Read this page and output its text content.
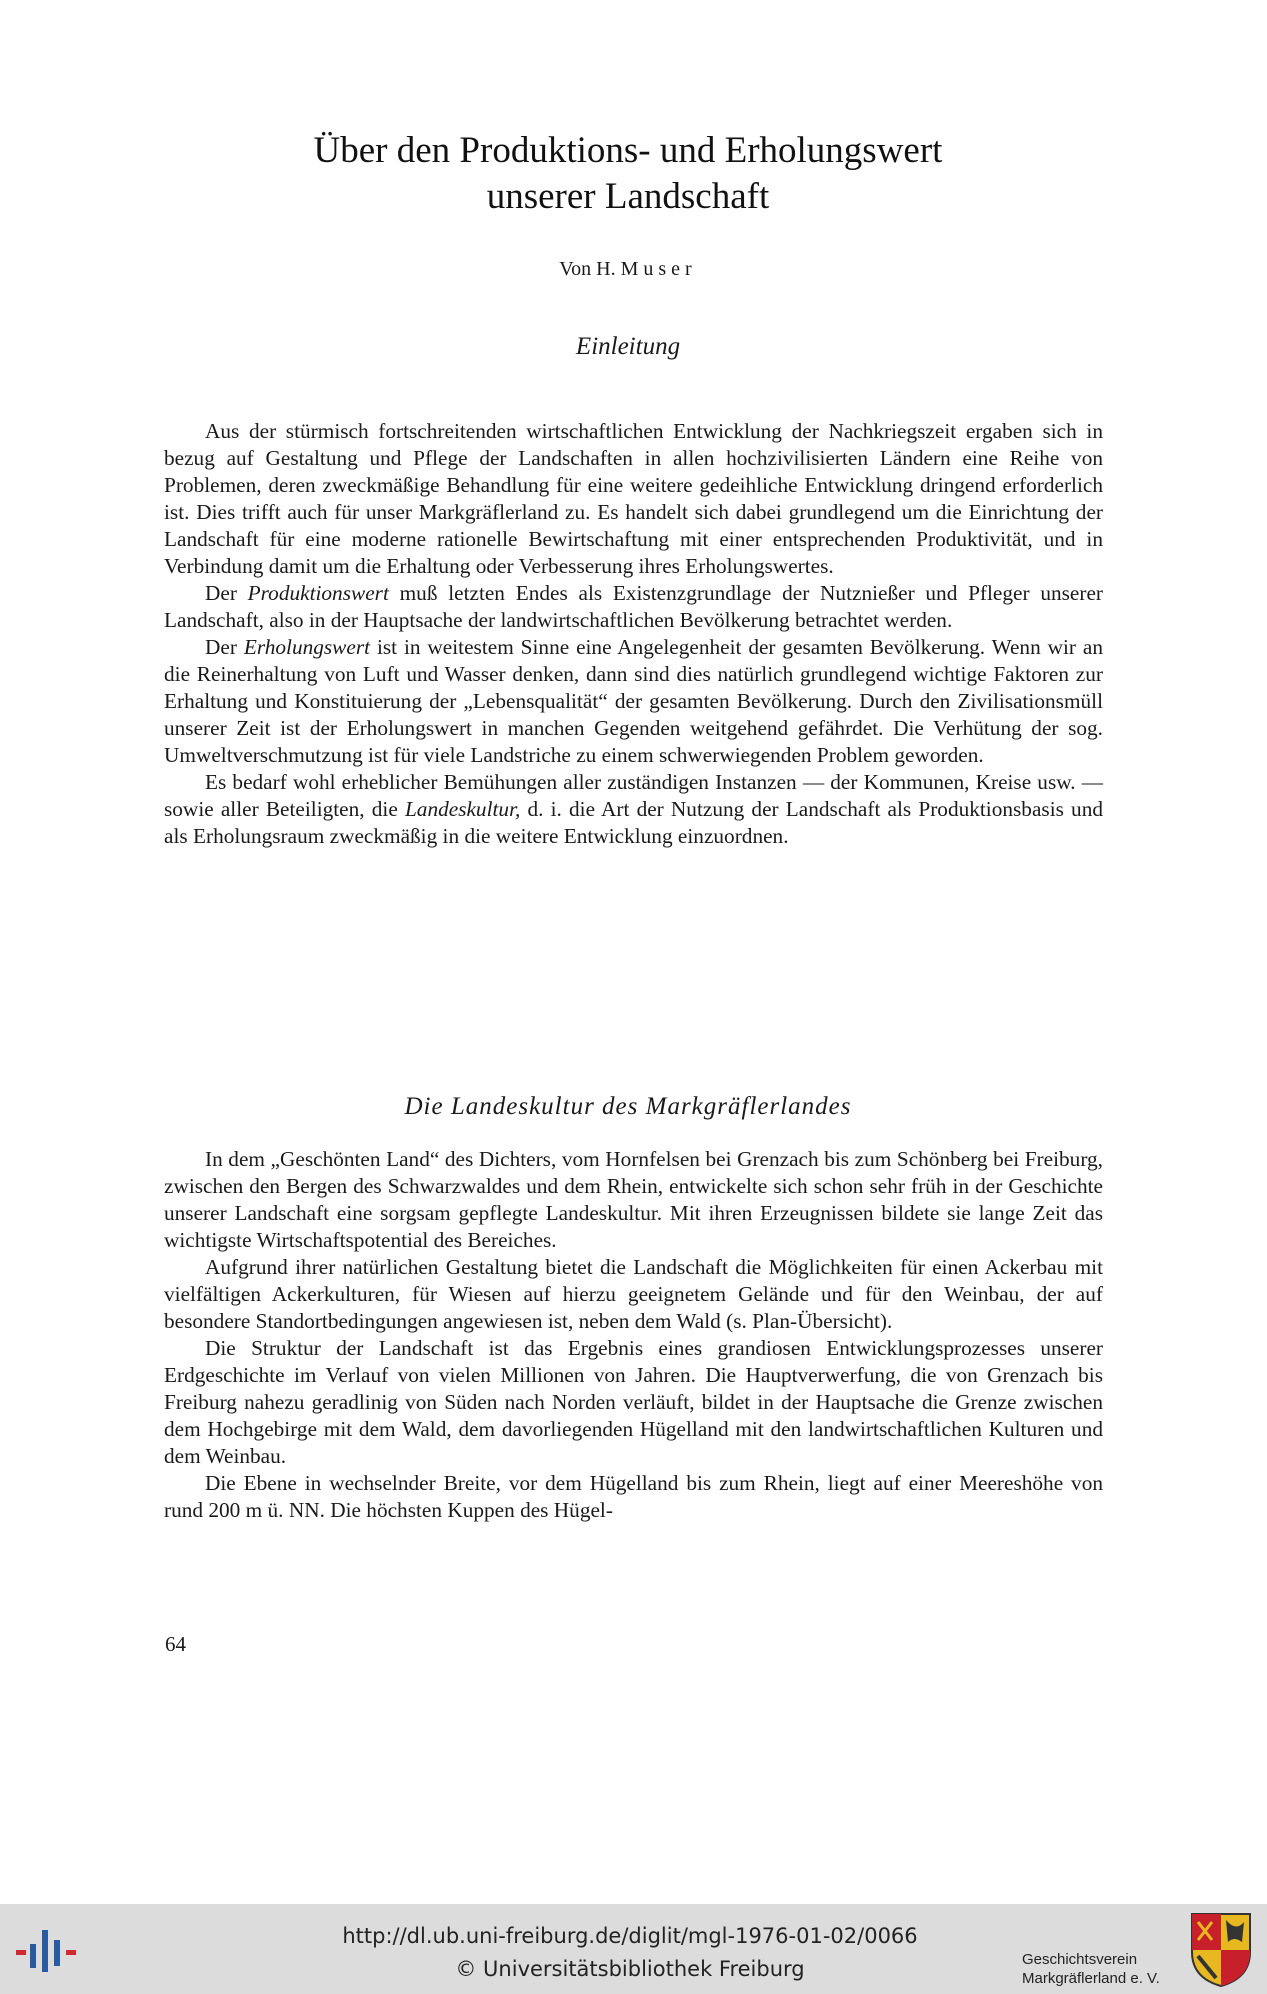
Über den Produktions- und Erholungswert
unserer Landschaft
Von H. Muser
Einleitung

Aus der stürmisch fortschreitenden wirtschaftlichen Entwicklung der Nachkriegszeit ergaben sich in bezug auf Gestaltung und Pflege der Landschaften in allen hochzivilisierten Ländern eine Reihe von Problemen, deren zweckmäßige Behandlung für eine weitere gedeihliche Entwicklung dringend erforderlich ist. Dies trifft auch für unser Markgräflerland zu. Es handelt sich dabei grundlegend um die Einrichtung der Landschaft für eine moderne rationelle Bewirtschaftung mit einer entsprechenden Produktivität, und in Verbindung damit um die Erhaltung oder Verbesserung ihres Erholungswertes.

Der Produktionswert muß letzten Endes als Existenzgrundlage der Nutznießer und Pfleger unserer Landschaft, also in der Hauptsache der landwirtschaftlichen Bevölkerung betrachtet werden.

Der Erholungswert ist in weitestem Sinne eine Angelegenheit der gesamten Bevölkerung. Wenn wir an die Reinerhaltung von Luft und Wasser denken, dann sind dies natürlich grundlegend wichtige Faktoren zur Erhaltung und Konstituierung der „Lebensqualität“ der gesamten Bevölkerung. Durch den Zivilisationsmüll unserer Zeit ist der Erholungswert in manchen Gegenden weitgehend gefährdet. Die Verhütung der sog. Umweltverschmutzung ist für viele Landstriche zu einem schwerwiegenden Problem geworden.

Es bedarf wohl erheblicher Bemühungen aller zuständigen Instanzen — der Kommunen, Kreise usw. — sowie aller Beteiligten, die Landeskultur, d. i. die Art der Nutzung der Landschaft als Produktionsbasis und als Erholungsraum zweckmäßig in die weitere Entwicklung einzuordnen.

Die Landeskultur des Markgräflerlandes

In dem „Geschönten Land“ des Dichters, vom Hornfelsen bei Grenzach bis zum Schönberg bei Freiburg, zwischen den Bergen des Schwarzwaldes und dem Rhein, entwickelte sich schon sehr früh in der Geschichte unserer Landschaft eine sorgsam gepflegte Landeskultur. Mit ihren Erzeugnissen bildete sie lange Zeit das wichtigste Wirtschaftspotential des Bereiches.

Aufgrund ihrer natürlichen Gestaltung bietet die Landschaft die Möglichkeiten für einen Ackerbau mit vielfältigen Ackerkulturen, für Wiesen auf hierzu geeignetem Gelände und für den Weinbau, der auf besondere Standortbedingungen angewiesen ist, neben dem Wald (s. Plan-Übersicht).

Die Struktur der Landschaft ist das Ergebnis eines grandiosen Entwicklungsprozesses unserer Erdgeschichte im Verlauf von vielen Millionen von Jahren. Die Hauptverwerfung, die von Grenzach bis Freiburg nahezu geradlinig von Süden nach Norden verläuft, bildet in der Hauptsache die Grenze zwischen dem Hochgebirge mit dem Wald, dem davorliegenden Hügelland mit den landwirtschaftlichen Kulturen und dem Weinbau.

Die Ebene in wechselnder Breite, vor dem Hügelland bis zum Rhein, liegt auf einer Meereshöhe von rund 200 m ü. NN. Die höchsten Kuppen des Hügel-

64
http://dl.ub.uni-freiburg.de/diglit/mgl-1976-01-02/0066
© Universitätsbibliothek Freiburg	Geschichtsverein
Markgräflerland e. V.
